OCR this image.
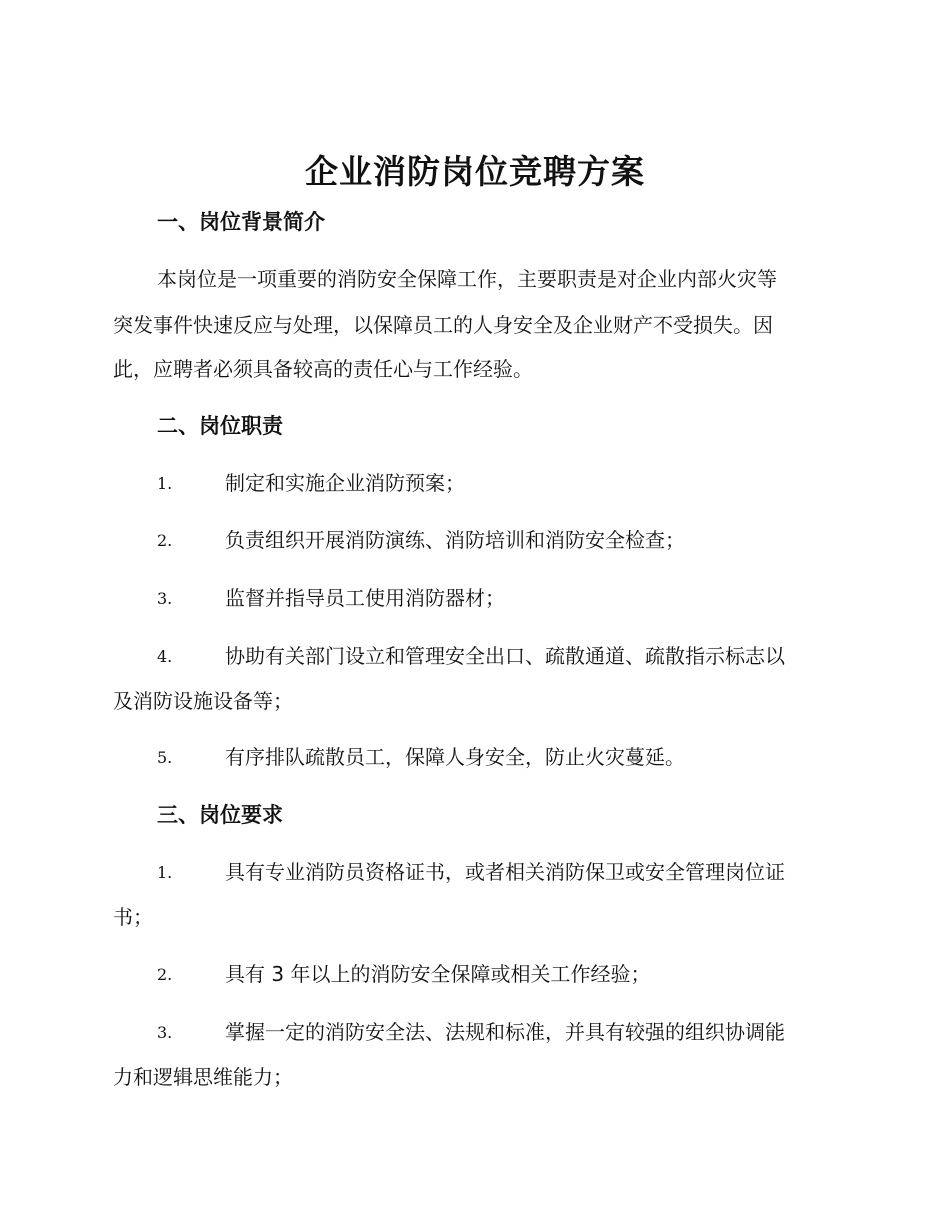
企业消防岗位竞聘方案
一、岗位背景简介
本岗位是一项重要的消防安全保障工作，主要职责是对企业内部火灾等
突发事件快速反应与处理，以保障员工的人身安全及企业财产不受损失。因
此，应聘者必须具备较高的责任心与工作经验。
二、岗位职责
1.	制定和实施企业消防预案；
2.	负责组织开展消防演练、消防培训和消防安全检查；
3.	监督并指导员工使用消防器材；
4.	协助有关部门设立和管理安全出口、疏散通道、疏散指示标志以
及消防设施设备等；
5.	有序排队疏散员工，保障人身安全，防止火灾蔓延。
三、岗位要求
1.	具有专业消防员资格证书，或者相关消防保卫或安全管理岗位证
书；
2.	具有 3 年以上的消防安全保障或相关工作经验；
3.	掌握一定的消防安全法、法规和标准，并具有较强的组织协调能
力和逻辑思维能力；
